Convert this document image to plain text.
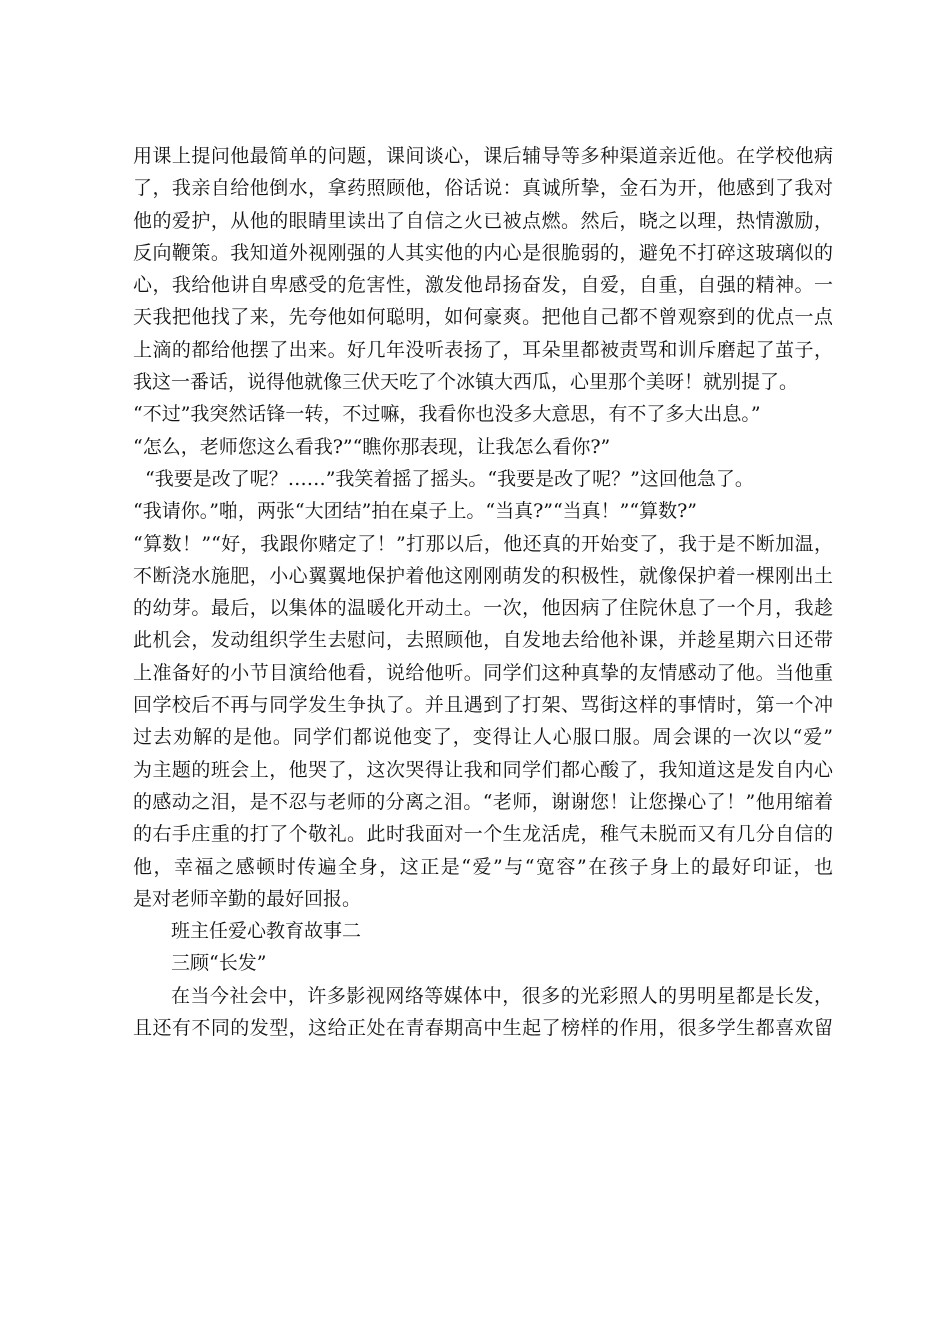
用课上提问他最简单的问题，课间谈心，课后辅导等多种渠道亲近他。在学校他病
了，我亲自给他倒水，拿药照顾他，俗话说：真诚所挚，金石为开，他感到了我对
他的爱护，从他的眼睛里读出了自信之火已被点燃。然后，晓之以理，热情激励，
反向鞭策。我知道外视刚强的人其实他的内心是很脆弱的，避免不打碎这玻璃似的
心，我给他讲自卑感受的危害性，激发他昂扬奋发，自爱，自重，自强的精神。一
天我把他找了来，先夸他如何聪明，如何豪爽。把他自己都不曾观察到的优点一点
上滴的都给他摆了出来。好几年没听表扬了，耳朵里都被责骂和训斥磨起了茧子，
我这一番话，说得他就像三伏天吃了个冰镇大西瓜，心里那个美呀！就别提了。
“不过”我突然话锋一转，不过嘛，我看你也没多大意思，有不了多大出息。”
“怎么，老师您这么看我?”“瞧你那表现，让我怎么看你?”
“我要是改了呢？……”我笑着摇了摇头。“我要是改了呢？”这回他急了。
“我请你。”啪，两张“大团结”拍在桌子上。“当真?”“当真！”“算数?”
“算数！”“好，我跟你赌定了！”打那以后，他还真的开始变了，我于是不断加温，
不断浇水施肥，小心翼翼地保护着他这刚刚萌发的积极性，就像保护着一棵刚出土
的幼芽。最后，以集体的温暖化开动土。一次，他因病了住院休息了一个月，我趁
此机会，发动组织学生去慰问，去照顾他，自发地去给他补课，并趁星期六日还带
上准备好的小节目演给他看，说给他听。同学们这种真挚的友情感动了他。当他重
回学校后不再与同学发生争执了。并且遇到了打架、骂街这样的事情时，第一个冲
过去劝解的是他。同学们都说他变了，变得让人心服口服。周会课的一次以“爱”
为主题的班会上，他哭了，这次哭得让我和同学们都心酸了，我知道这是发自内心
的感动之泪，是不忍与老师的分离之泪。“老师，谢谢您！让您操心了！”他用缩着
的右手庄重的打了个敬礼。此时我面对一个生龙活虎，稚气未脱而又有几分自信的
他，幸福之感顿时传遍全身，这正是“爱”与“宽容”在孩子身上的最好印证，也
是对老师辛勤的最好回报。
班主任爱心教育故事二
三顾“长发”
在当今社会中，许多影视网络等媒体中，很多的光彩照人的男明星都是长发，
且还有不同的发型，这给正处在青春期高中生起了榜样的作用，很多学生都喜欢留
